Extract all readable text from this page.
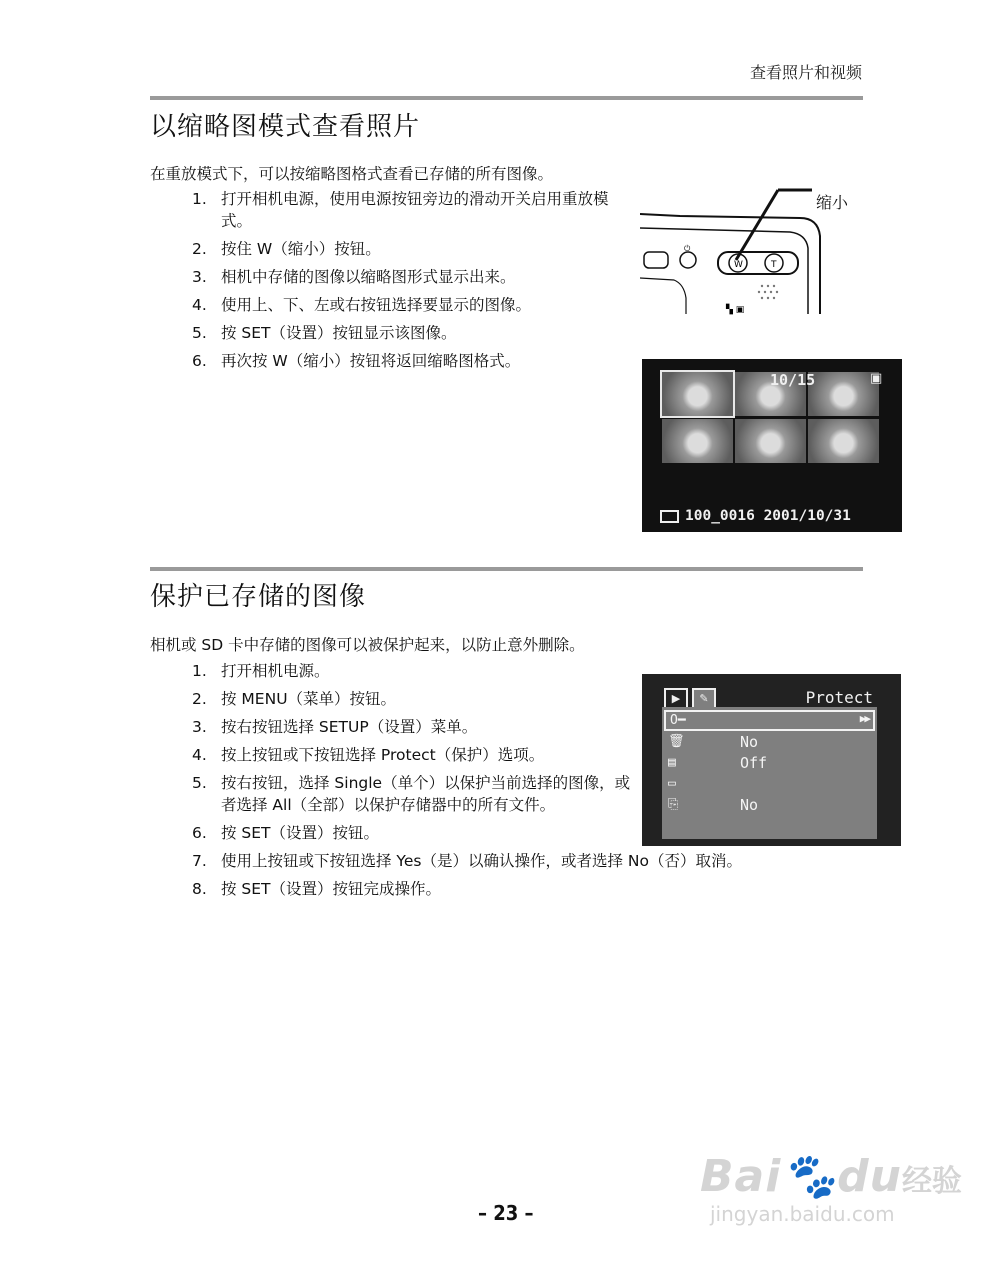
查看照片和视频
以缩略图模式查看照片
在重放模式下，可以按缩略图格式查看已存储的所有图像。
1. 打开相机电源，使用电源按钮旁边的滑动开关启用重放模式。
2. 按住 W（缩小）按钮。
3. 相机中存储的图像以缩略图形式显示出来。
4. 使用上、下、左或右按钮选择要显示的图像。
5. 按 SET（设置）按钮显示该图像。
6. 再次按 W（缩小）按钮将返回缩略图格式。
缩小
⏻
W	T
▚ ▣
10/15	▣
100_0016 2001/10/31
保护已存储的图像
相机或 SD 卡中存储的图像可以被保护起来，以防止意外删除。
1. 打开相机电源。
2. 按 MENU（菜单）按钮。
3. 按右按钮选择 SETUP（设置）菜单。
4. 按上按钮或下按钮选择 Protect（保护）选项。
5. 按右按钮，选择 Single（单个）以保护当前选择的图像，或者选择 All（全部）以保护存储器中的所有文件。
6. 按 SET（设置）按钮。
7. 使用上按钮或下按钮选择 Yes（是）以确认操作，或者选择 No（否）取消。
8. 按 SET（设置）按钮完成操作。
▶	✎	Protect
O━	▶▶
🗑	No
▤	Off
▭
⎘	No
Bai🐾du经验
jingyan.baidu.com
– 23 –
